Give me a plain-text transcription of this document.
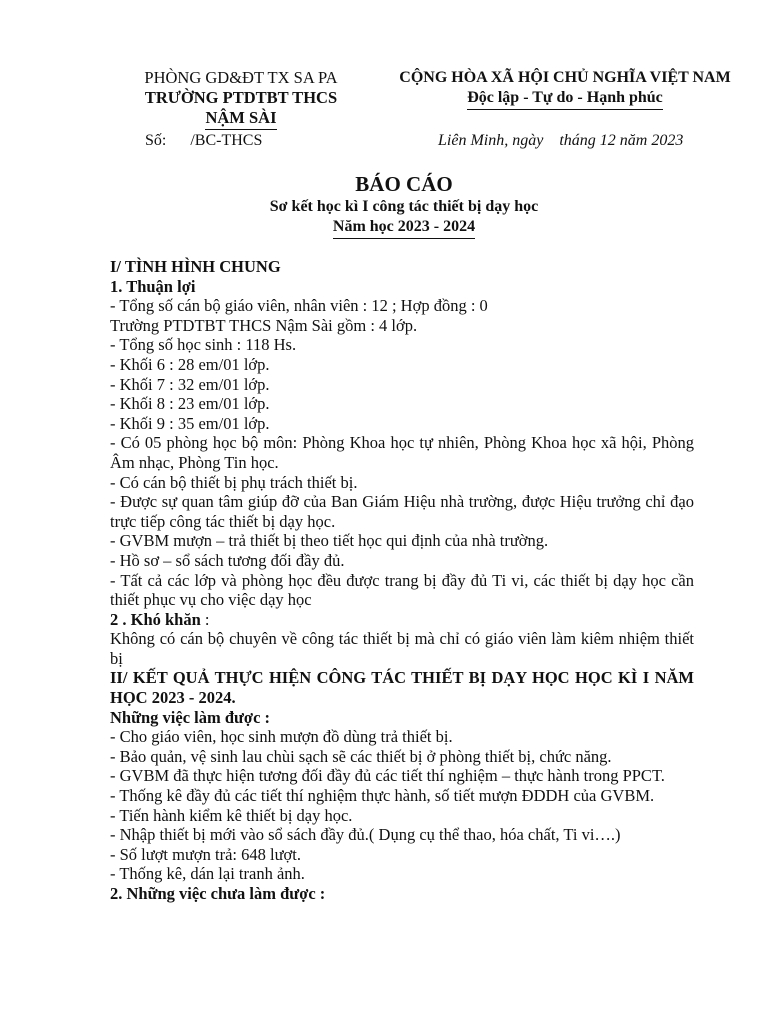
PHÒNG GD&ĐT TX SA PA
TRƯỜNG PTDTBT THCS
NẬM SÀI
CỘNG HÒA XÃ HỘI CHỦ NGHĨA VIỆT NAM
Độc lập - Tự do - Hạnh phúc
Số: /BC-THCS	Liên Minh, ngày    tháng 12 năm 2023
BÁO CÁO
Sơ kết học kì I công tác thiết bị dạy học
Năm học 2023 - 2024

I/ TÌNH HÌNH CHUNG

1. Thuận lợi

- Tổng số cán bộ giáo viên, nhân viên : 12 ; Hợp đồng : 0

Trường PTDTBT THCS Nậm Sài gồm : 4 lớp.

- Tổng số học sinh : 118 Hs.

- Khối 6 : 28 em/01 lớp.

- Khối 7 : 32 em/01 lớp.

- Khối 8 : 23 em/01 lớp.

- Khối 9 : 35 em/01 lớp.

- Có 05 phòng học bộ môn: Phòng Khoa học tự nhiên, Phòng Khoa học xã hội, Phòng Âm nhạc, Phòng Tin học.

- Có cán bộ thiết bị phụ trách thiết bị.

- Được sự quan tâm giúp đỡ của Ban Giám Hiệu nhà trường, được Hiệu trưởng chỉ đạo trực tiếp công tác thiết bị dạy học.

- GVBM mượn – trả thiết bị theo tiết học qui định của nhà trường.

- Hồ sơ – sổ sách tương đối đầy đủ.

- Tất cả các lớp và phòng học đều được trang bị đầy đủ Ti vi, các thiết bị dạy học cần thiết phục vụ cho việc dạy học

2 . Khó khăn :

Không có cán bộ chuyên về công tác thiết bị mà chỉ có giáo viên làm kiêm nhiệm thiết bị

II/ KẾT QUẢ THỰC HIỆN CÔNG TÁC THIẾT BỊ DẠY HỌC HỌC KÌ I NĂM HỌC 2023 - 2024.

Những việc làm được :

- Cho giáo viên, học sinh mượn đồ dùng trả thiết bị.

- Bảo quản, vệ sinh lau chùi sạch sẽ các thiết bị ở phòng thiết bị, chức năng.

- GVBM đã thực hiện tương đối đầy đủ các tiết thí nghiệm – thực hành trong PPCT.

- Thống kê đầy đủ các tiết thí nghiệm thực hành, số tiết mượn ĐDDH của GVBM.

- Tiến hành kiểm kê thiết bị dạy học.

- Nhập thiết bị mới vào sổ sách đầy đủ.( Dụng cụ thể thao, hóa chất, Ti vi….)

- Số lượt mượn trả: 648 lượt.

- Thống kê, dán lại tranh ảnh.

2. Những việc chưa làm được :
